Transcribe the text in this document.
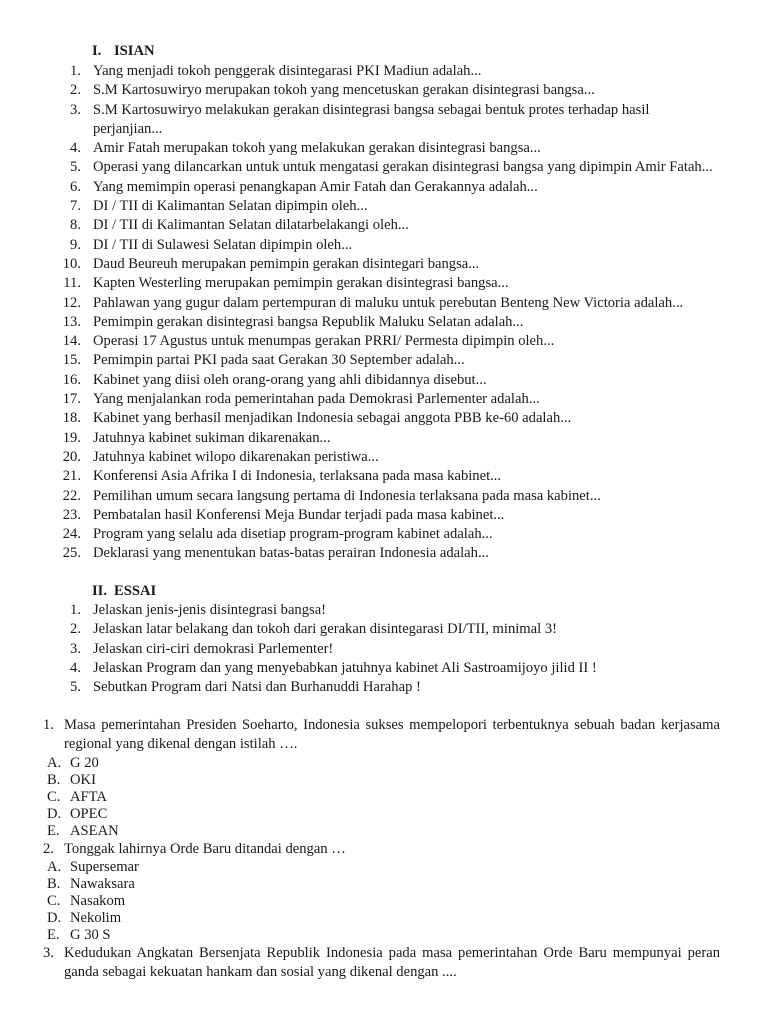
I. ISIAN
1. Yang menjadi tokoh penggerak disintegarasi PKI Madiun adalah...
2. S.M Kartosuwiryo merupakan tokoh yang mencetuskan gerakan disintegrasi bangsa...
3. S.M Kartosuwiryo melakukan gerakan disintegrasi bangsa sebagai bentuk protes terhadap hasil perjanjian...
4. Amir Fatah merupakan tokoh yang melakukan gerakan disintegrasi bangsa...
5. Operasi yang dilancarkan untuk untuk mengatasi gerakan disintegrasi bangsa yang dipimpin Amir Fatah...
6. Yang memimpin operasi penangkapan Amir Fatah dan Gerakannya adalah...
7. DI / TII di Kalimantan Selatan dipimpin oleh...
8. DI / TII di Kalimantan Selatan dilatarbelakangi oleh...
9. DI / TII di Sulawesi Selatan dipimpin oleh...
10. Daud Beureuh merupakan pemimpin gerakan disintegari bangsa...
11. Kapten Westerling merupakan pemimpin gerakan disintegrasi bangsa...
12. Pahlawan yang gugur dalam pertempuran di maluku untuk perebutan Benteng New Victoria adalah...
13. Pemimpin gerakan disintegrasi bangsa Republik Maluku Selatan adalah...
14. Operasi 17 Agustus untuk menumpas gerakan PRRI/ Permesta dipimpin oleh...
15. Pemimpin partai PKI pada saat Gerakan 30 September adalah...
16. Kabinet yang diisi oleh orang-orang yang ahli dibidannya disebut...
17. Yang menjalankan roda pemerintahan pada Demokrasi Parlementer adalah...
18. Kabinet yang berhasil menjadikan Indonesia sebagai anggota PBB ke-60 adalah...
19. Jatuhnya kabinet sukiman dikarenakan...
20. Jatuhnya kabinet wilopo dikarenakan peristiwa...
21. Konferensi Asia Afrika I di Indonesia, terlaksana pada masa kabinet...
22. Pemilihan umum secara langsung pertama di Indonesia terlaksana pada masa kabinet...
23. Pembatalan hasil Konferensi Meja Bundar terjadi pada masa kabinet...
24. Program yang selalu ada disetiap program-program kabinet adalah...
25. Deklarasi yang menentukan batas-batas perairan Indonesia adalah...
II. ESSAI
1. Jelaskan jenis-jenis disintegrasi bangsa!
2. Jelaskan latar belakang dan tokoh dari gerakan disintegarasi DI/TII, minimal 3!
3. Jelaskan ciri-ciri demokrasi Parlementer!
4. Jelaskan Program dan yang menyebabkan jatuhnya kabinet Ali Sastroamijoyo jilid II !
5. Sebutkan Program dari Natsi dan Burhanuddi Harahap !
1. Masa pemerintahan Presiden Soeharto, Indonesia sukses mempelopori terbentuknya sebuah badan kerjasama regional yang dikenal dengan istilah ….
A. G 20
B. OKI
C. AFTA
D. OPEC
E. ASEAN
2. Tonggak lahirnya Orde Baru ditandai dengan …
A. Supersemar
B. Nawaksara
C. Nasakom
D. Nekolim
E. G 30 S
3. Kedudukan Angkatan Bersenjata Republik Indonesia pada masa pemerintahan Orde Baru mempunyai peran ganda sebagai kekuatan hankam dan sosial yang dikenal dengan ....
